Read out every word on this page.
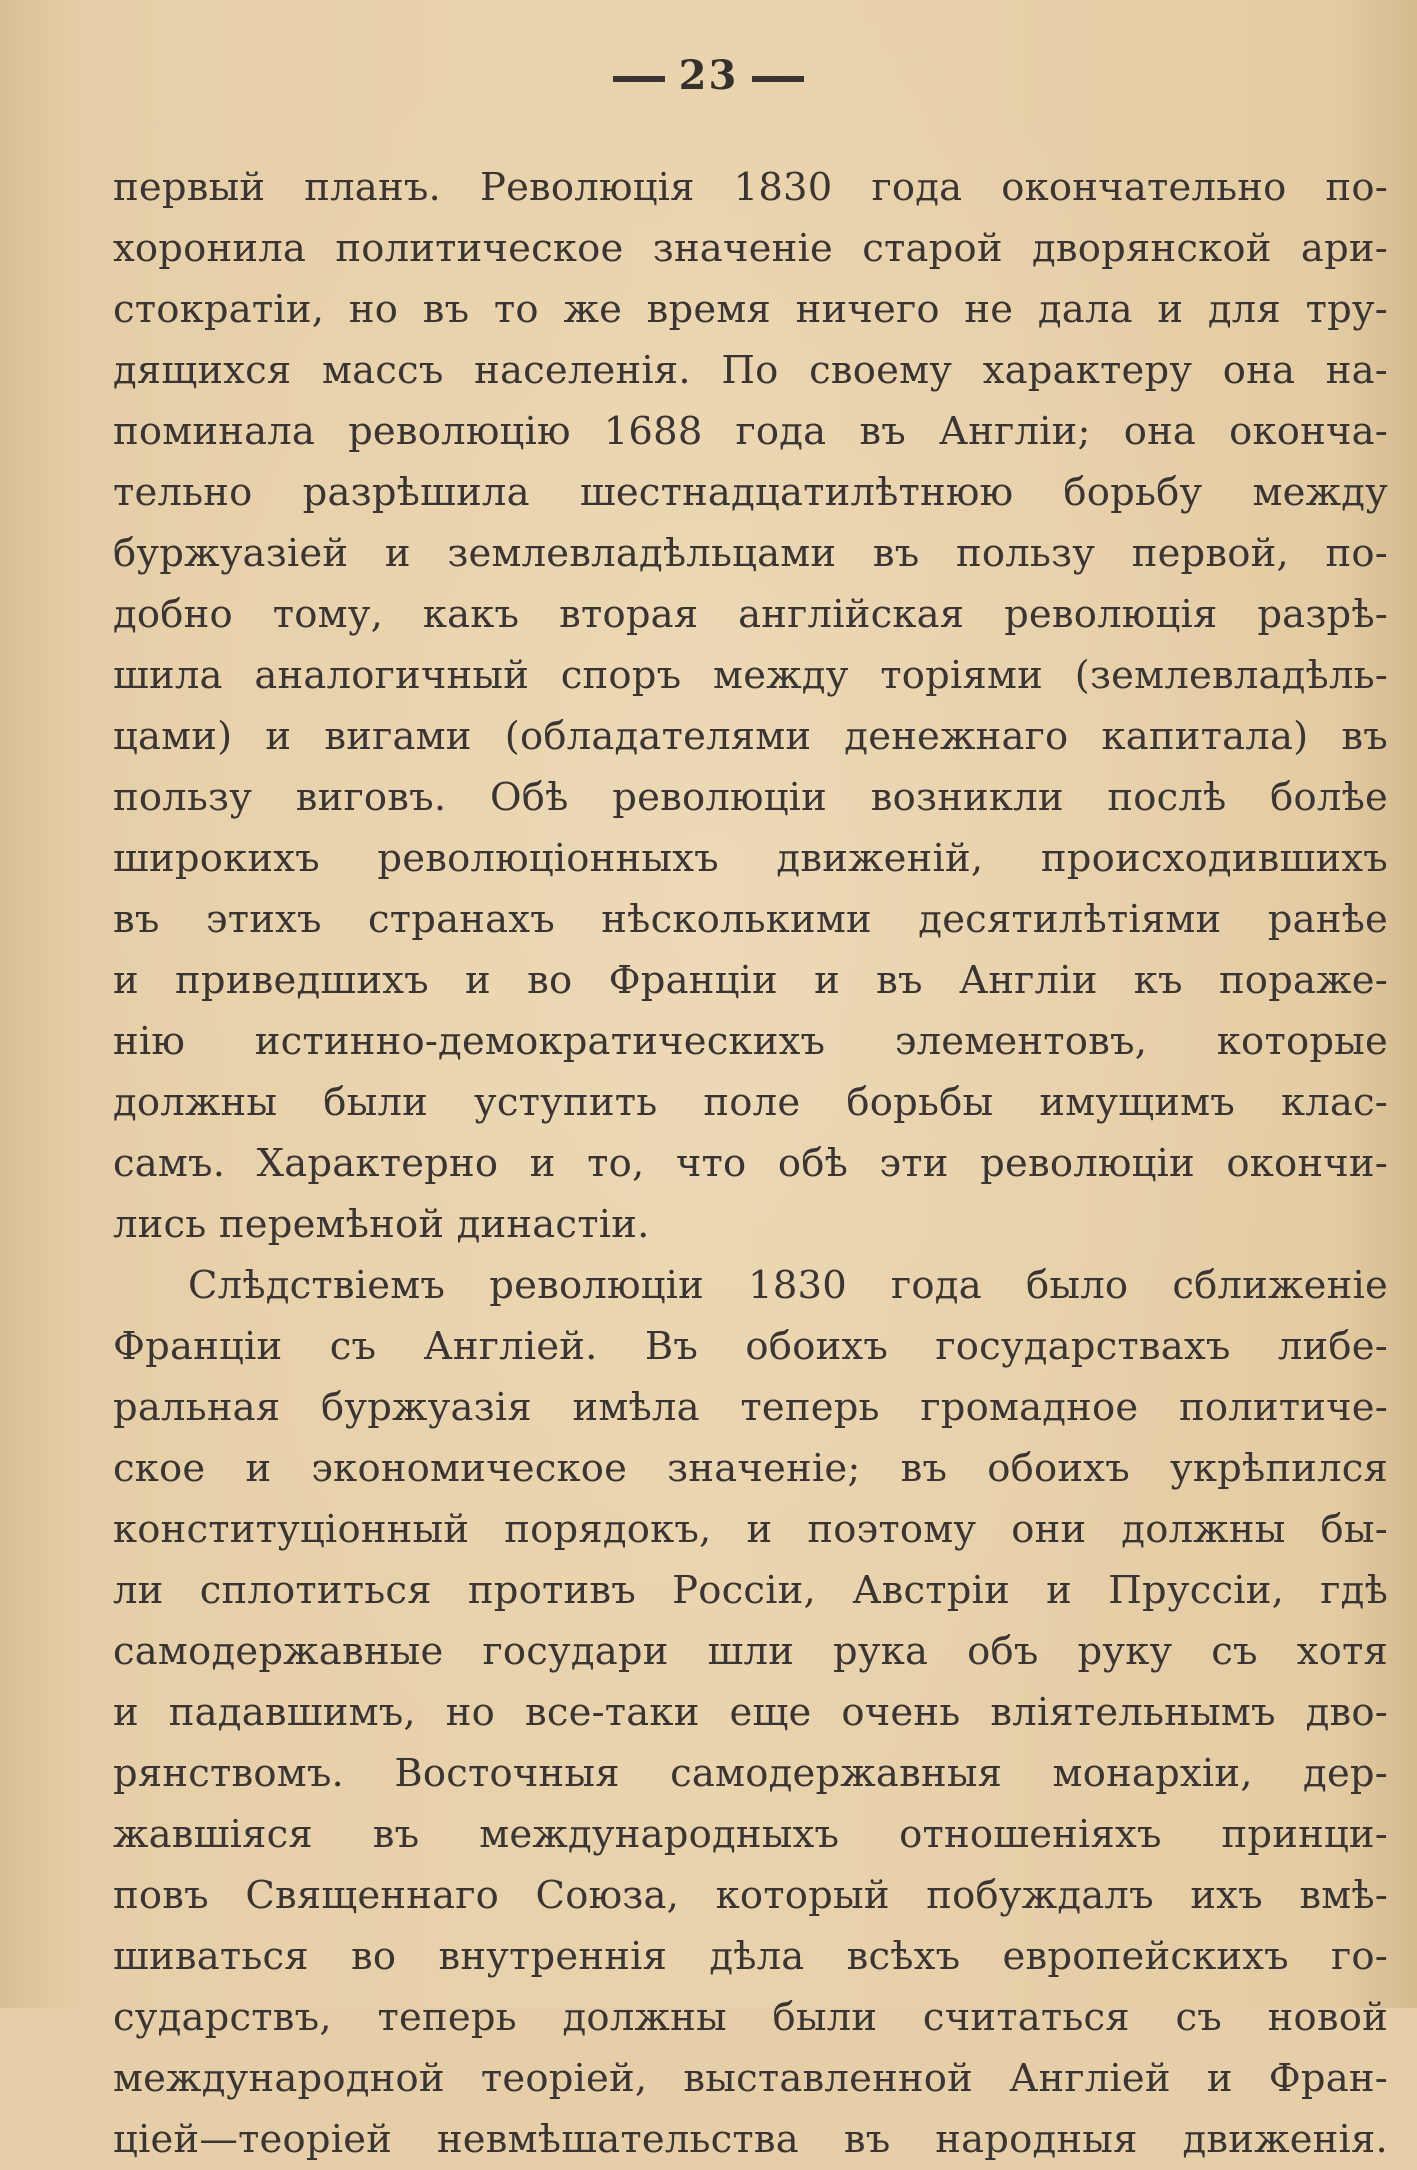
23
первый планъ. Революція 1830 года окончательно по-
хоронила политическое значеніе старой дворянской ари-
стократіи, но въ то же время ничего не дала и для тру-
дящихся массъ населенія. По своему характеру она на-
поминала революцію 1688 года въ Англіи; она оконча-
тельно разрѣшила шестнадцатилѣтнюю борьбу между
буржуазіей и землевладѣльцами въ пользу первой, по-
добно тому, какъ вторая англійская революція разрѣ-
шила аналогичный споръ между торіями (землевладѣль-
цами) и вигами (обладателями денежнаго капитала) въ
пользу виговъ. Обѣ революціи возникли послѣ болѣе
широкихъ революціонныхъ движеній, происходившихъ
въ этихъ странахъ нѣсколькими десятилѣтіями ранѣе
и приведшихъ и во Франціи и въ Англіи къ пораже-
нію истинно-демократическихъ элементовъ, которые
должны были уступить поле борьбы имущимъ клас-
самъ. Характерно и то, что обѣ эти революціи окончи-
лись перемѣной династіи.
Слѣдствіемъ революціи 1830 года было сближеніе
Франціи съ Англіей. Въ обоихъ государствахъ либе-
ральная буржуазія имѣла теперь громадное политиче-
ское и экономическое значеніе; въ обоихъ укрѣпился
конституціонный порядокъ, и поэтому они должны бы-
ли сплотиться противъ Россіи, Австріи и Пруссіи, гдѣ
самодержавные государи шли рука объ руку съ хотя
и падавшимъ, но все-таки еще очень вліятельнымъ дво-
рянствомъ. Восточныя самодержавныя монархіи, дер-
жавшіяся въ международныхъ отношеніяхъ принци-
повъ Священнаго Союза, который побуждалъ ихъ вмѣ-
шиваться во внутреннія дѣла всѣхъ европейскихъ го-
сударствъ, теперь должны были считаться съ новой
международной теоріей, выставленной Англіей и Фран-
ціей—теоріей невмѣшательства въ народныя движенія.
